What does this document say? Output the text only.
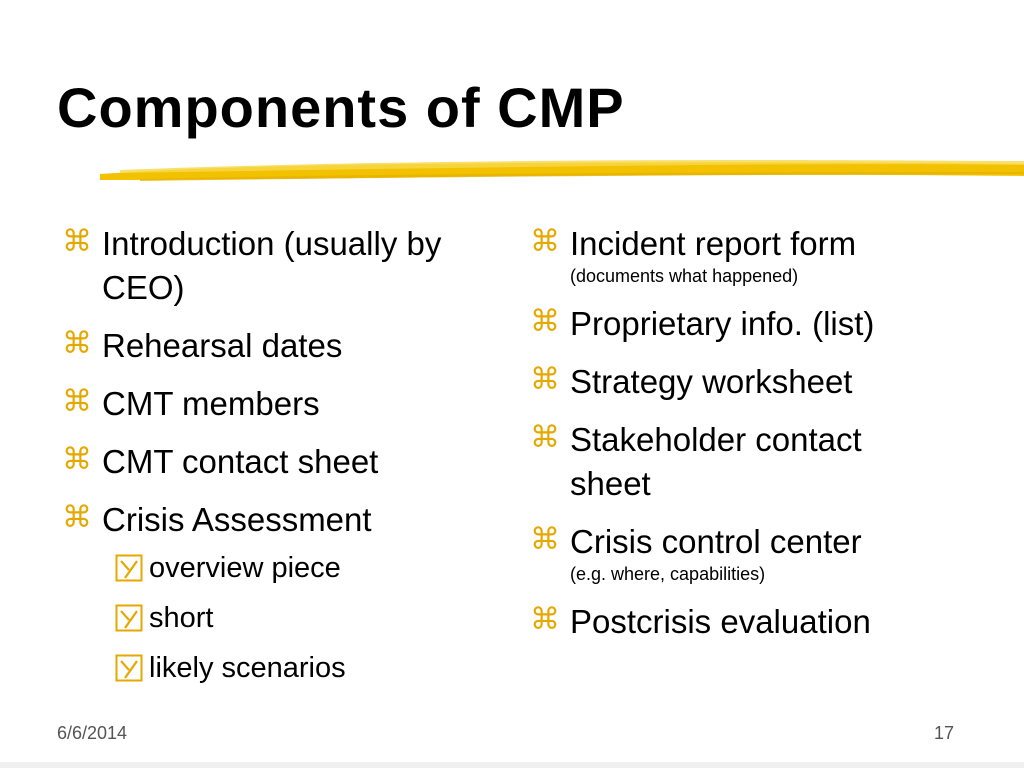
Components of CMP
⌘ Introduction (usually by CEO)
⌘ Rehearsal dates
⌘ CMT members
⌘ CMT contact sheet
⌘ Crisis Assessment
overview piece
short
likely scenarios
⌘ Incident report form
(documents what happened)
⌘ Proprietary info. (list)
⌘ Strategy worksheet
⌘ Stakeholder contact sheet
⌘ Crisis control center
(e.g. where, capabilities)
⌘ Postcrisis evaluation
6/6/2014	17
